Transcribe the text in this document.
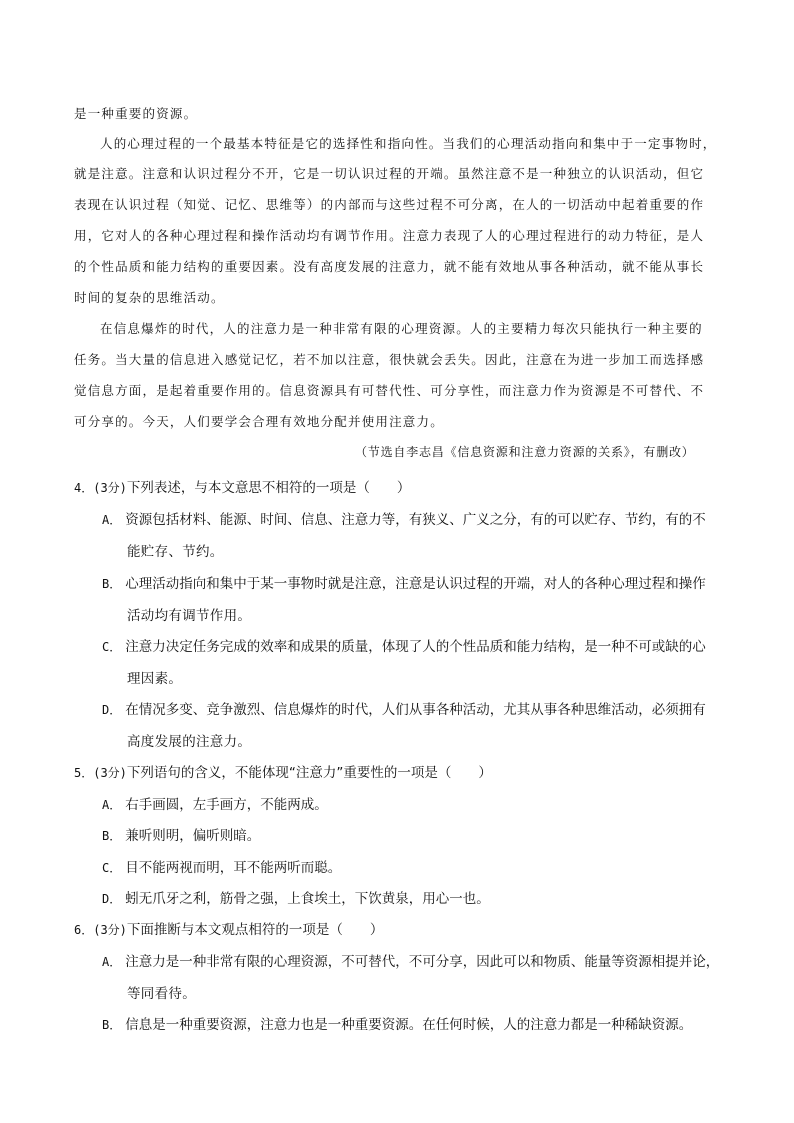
是一种重要的资源。
人的心理过程的一个最基本特征是它的选择性和指向性。当我们的心理活动指向和集中于一定事物时，
就是注意。注意和认识过程分不开，它是一切认识过程的开端。虽然注意不是一种独立的认识活动，但它
表现在认识过程（知觉、记忆、思维等）的内部而与这些过程不可分离，在人的一切活动中起着重要的作
用，它对人的各种心理过程和操作活动均有调节作用。注意力表现了人的心理过程进行的动力特征，是人
的个性品质和能力结构的重要因素。没有高度发展的注意力，就不能有效地从事各种活动，就不能从事长
时间的复杂的思维活动。
在信息爆炸的时代，人的注意力是一种非常有限的心理资源。人的主要精力每次只能执行一种主要的
任务。当大量的信息进入感觉记忆，若不加以注意，很快就会丢失。因此，注意在为进一步加工而选择感
觉信息方面，是起着重要作用的。信息资源具有可替代性、可分享性，而注意力作为资源是不可替代、不
可分享的。今天，人们要学会合理有效地分配并使用注意力。
（节选自李志昌《信息资源和注意力资源的关系》，有删改）
4．(3分)下列表述，与本文意思不相符的一项是（　　）
A． 资源包括材料、能源、时间、信息、注意力等，有狭义、广义之分，有的可以贮存、节约，有的不
能贮存、节约。
B． 心理活动指向和集中于某一事物时就是注意，注意是认识过程的开端，对人的各种心理过程和操作
活动均有调节作用。
C． 注意力决定任务完成的效率和成果的质量，体现了人的个性品质和能力结构，是一种不可或缺的心
理因素。
D． 在情况多变、竞争激烈、信息爆炸的时代，人们从事各种活动，尤其从事各种思维活动，必须拥有
高度发展的注意力。
5．(3分)下列语句的含义，不能体现“注意力”重要性的一项是（　　）
A． 右手画圆，左手画方，不能两成。
B． 兼听则明，偏听则暗。
C． 目不能两视而明，耳不能两听而聪。
D． 蚓无爪牙之利，筋骨之强，上食埃土，下饮黄泉，用心一也。
6．(3分)下面推断与本文观点相符的一项是（　　）
A． 注意力是一种非常有限的心理资源，不可替代，不可分享，因此可以和物质、能量等资源相提并论，
等同看待。
B． 信息是一种重要资源，注意力也是一种重要资源。在任何时候，人的注意力都是一种稀缺资源。
